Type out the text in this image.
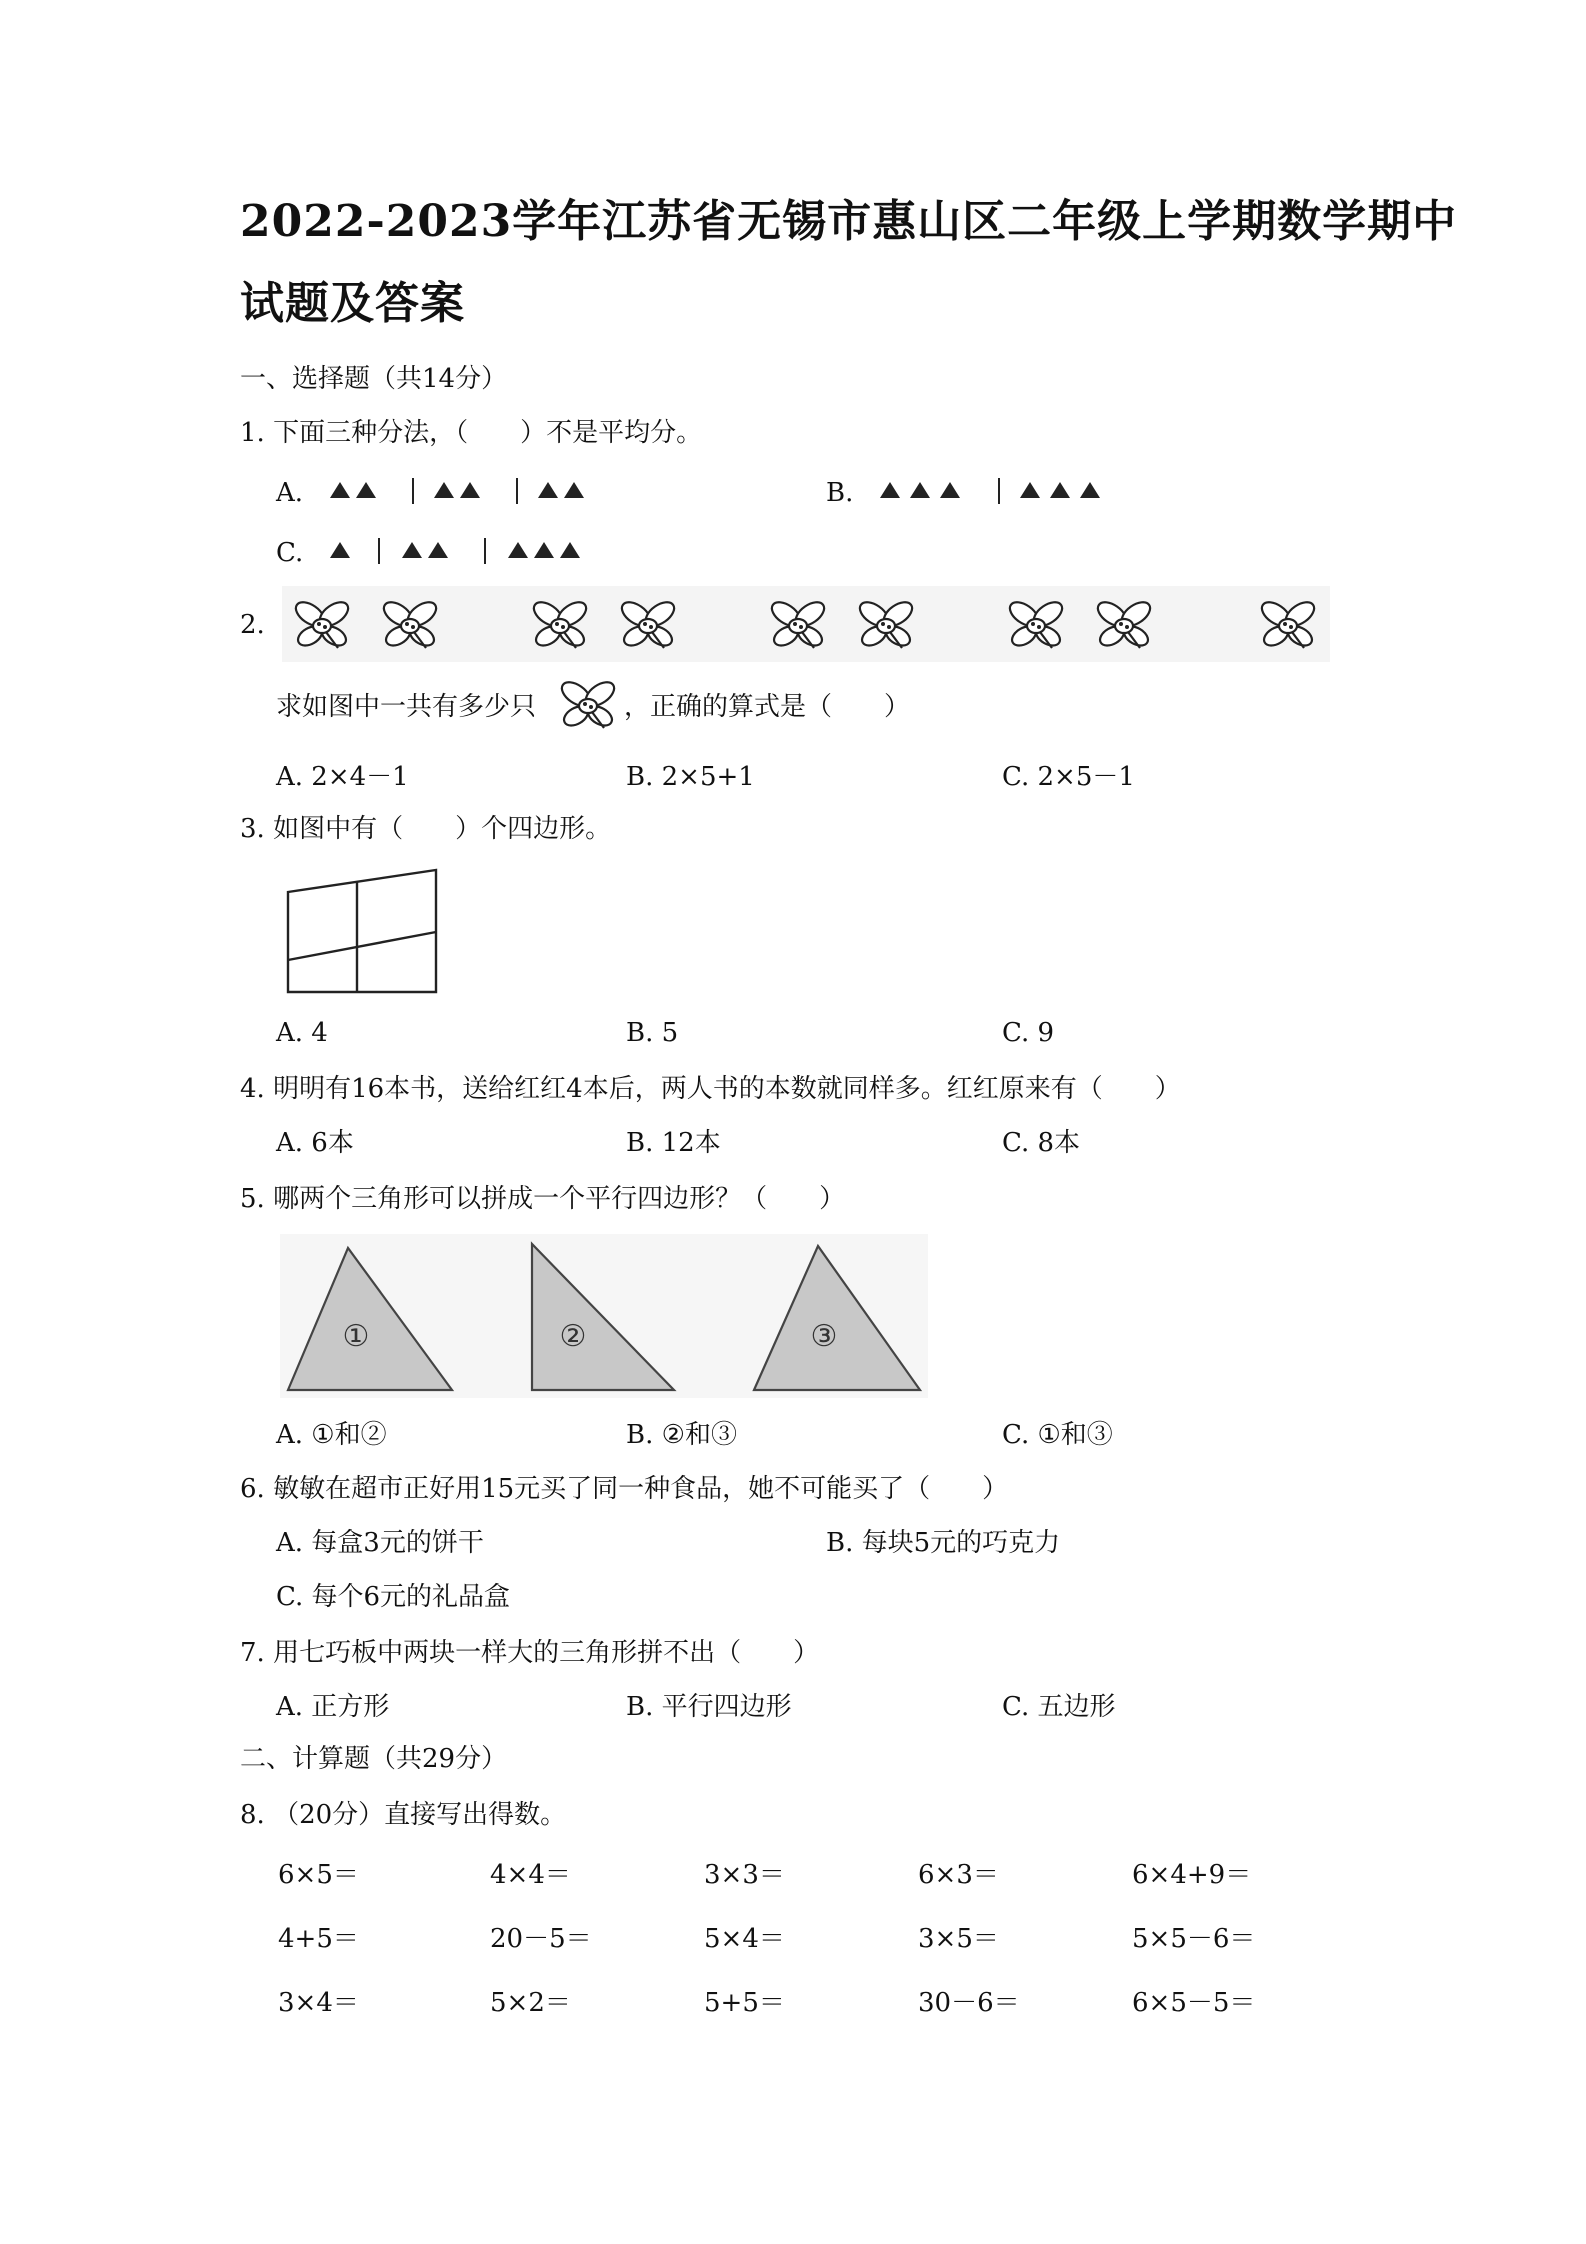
2022-2023学年江苏省无锡市惠山区二年级上学期数学期中
试题及答案
一、选择题（共14分）
1. 下面三种分法，（　　）不是平均分。
A.	B.
C.
2.
求如图中一共有多少只	，正确的算式是（　　）
A. 2×4－1	B. 2×5+1	C. 2×5－1
3. 如图中有（　　）个四边形。
A. 4	B. 5	C. 9
4. 明明有16本书，送给红红4本后，两人书的本数就同样多。红红原来有（　　）
A. 6本	B. 12本	C. 8本
5. 哪两个三角形可以拼成一个平行四边形？（　　）
①	②	③
A. ①和②	B. ②和③	C. ①和③
6. 敏敏在超市正好用15元买了同一种食品，她不可能买了（　　）
A. 每盒3元的饼干	B. 每块5元的巧克力
C. 每个6元的礼品盒
7. 用七巧板中两块一样大的三角形拼不出（　　）
A. 正方形	B. 平行四边形	C. 五边形
二、计算题（共29分）
8. （20分）直接写出得数。
6×5＝	4×4＝	3×3＝	6×3＝	6×4+9＝
4+5＝	20－5＝	5×4＝	3×5＝	5×5－6＝
3×4＝	5×2＝	5+5＝	30－6＝	6×5－5＝
